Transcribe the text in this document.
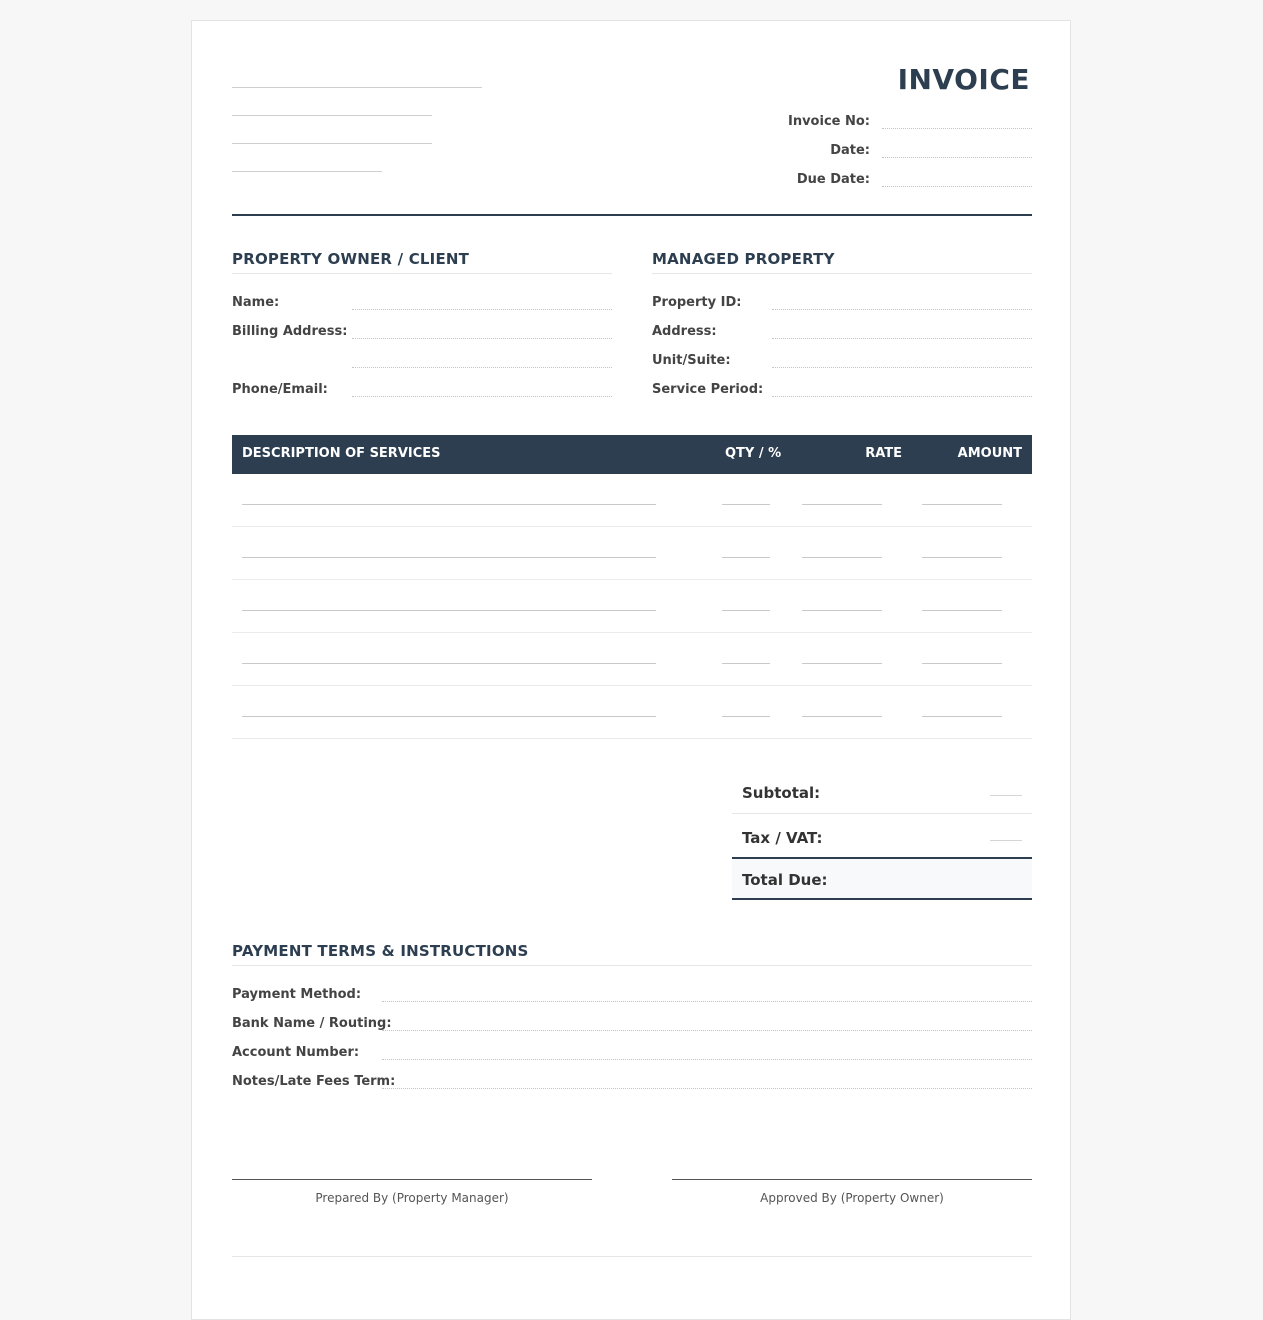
INVOICE
Invoice No:
Date:
Due Date:
PROPERTY OWNER / CLIENT
Name:
Billing Address:
Phone/Email:
MANAGED PROPERTY
Property ID:
Address:
Unit/Suite:
Service Period:
DESCRIPTION OF SERVICES	QTY / %	RATE	AMOUNT
Subtotal:
Tax / VAT:
Total Due:
PAYMENT TERMS & INSTRUCTIONS
Payment Method:
Bank Name / Routing:
Account Number:
Notes/Late Fees Term:
Prepared By (Property Manager)	Approved By (Property Owner)
